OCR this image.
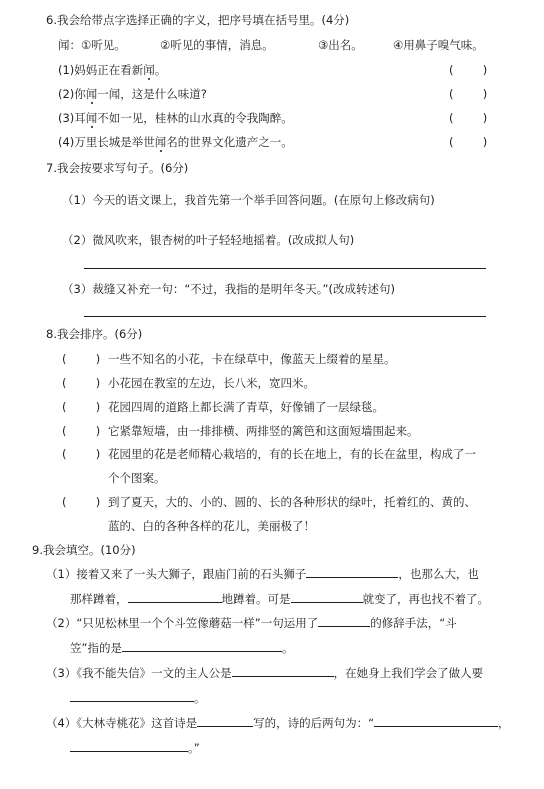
6.我会给带点字选择正确的字义，把序号填在括号里。(4分)
闻：①听见。	②听见的事情，消息。	③出名。	④用鼻子嗅气味。
(1)妈妈正在看新闻。	(        )
(2)你闻一闻，这是什么味道?	(        )
(3)耳闻不如一见，桂林的山水真的令我陶醉。	(        )
(4)万里长城是举世闻名的世界文化遗产之一。	(        )
7.我会按要求写句子。(6分)
（1）今天的语文课上，我首先第一个举手回答问题。(在原句上修改病句)
（2）微风吹来，银杏树的叶子轻轻地摇着。(改成拟人句)
（3）裁缝又补充一句：“不过，我指的是明年冬天。”(改成转述句)
8.我会排序。(6分)
(        ) 一些不知名的小花，卡在绿草中，像蓝天上缀着的星星。
(        ) 小花园在教室的左边，长八米，宽四米。
(        ) 花园四周的道路上都长满了青草，好像铺了一层绿毯。
(        ) 它紧靠短墙，由一排排横、两排竖的篱笆和这面短墙围起来。
(        ) 花园里的花是老师精心栽培的，有的长在地上，有的长在盆里，构成了一
个个图案。
(        ) 到了夏天，大的、小的、圆的、长的各种形状的绿叶，托着红的、黄的、
蓝的、白的各种各样的花儿，美丽极了！
9.我会填空。(10分)
（1）接着又来了一头大狮子，跟庙门前的石头狮子	，也那么大，也
那样蹲着，	地蹲着。可是	就变了，再也找不着了。
（2）“只见松林里一个个斗笠像蘑菇一样”一句运用了	的修辞手法，“斗
笠”指的是	。
（3）《我不能失信》一文的主人公是	，在她身上我们学会了做人要
。
（4）《大林寺桃花》这首诗是	写的，诗的后两句为：“	，
。”
